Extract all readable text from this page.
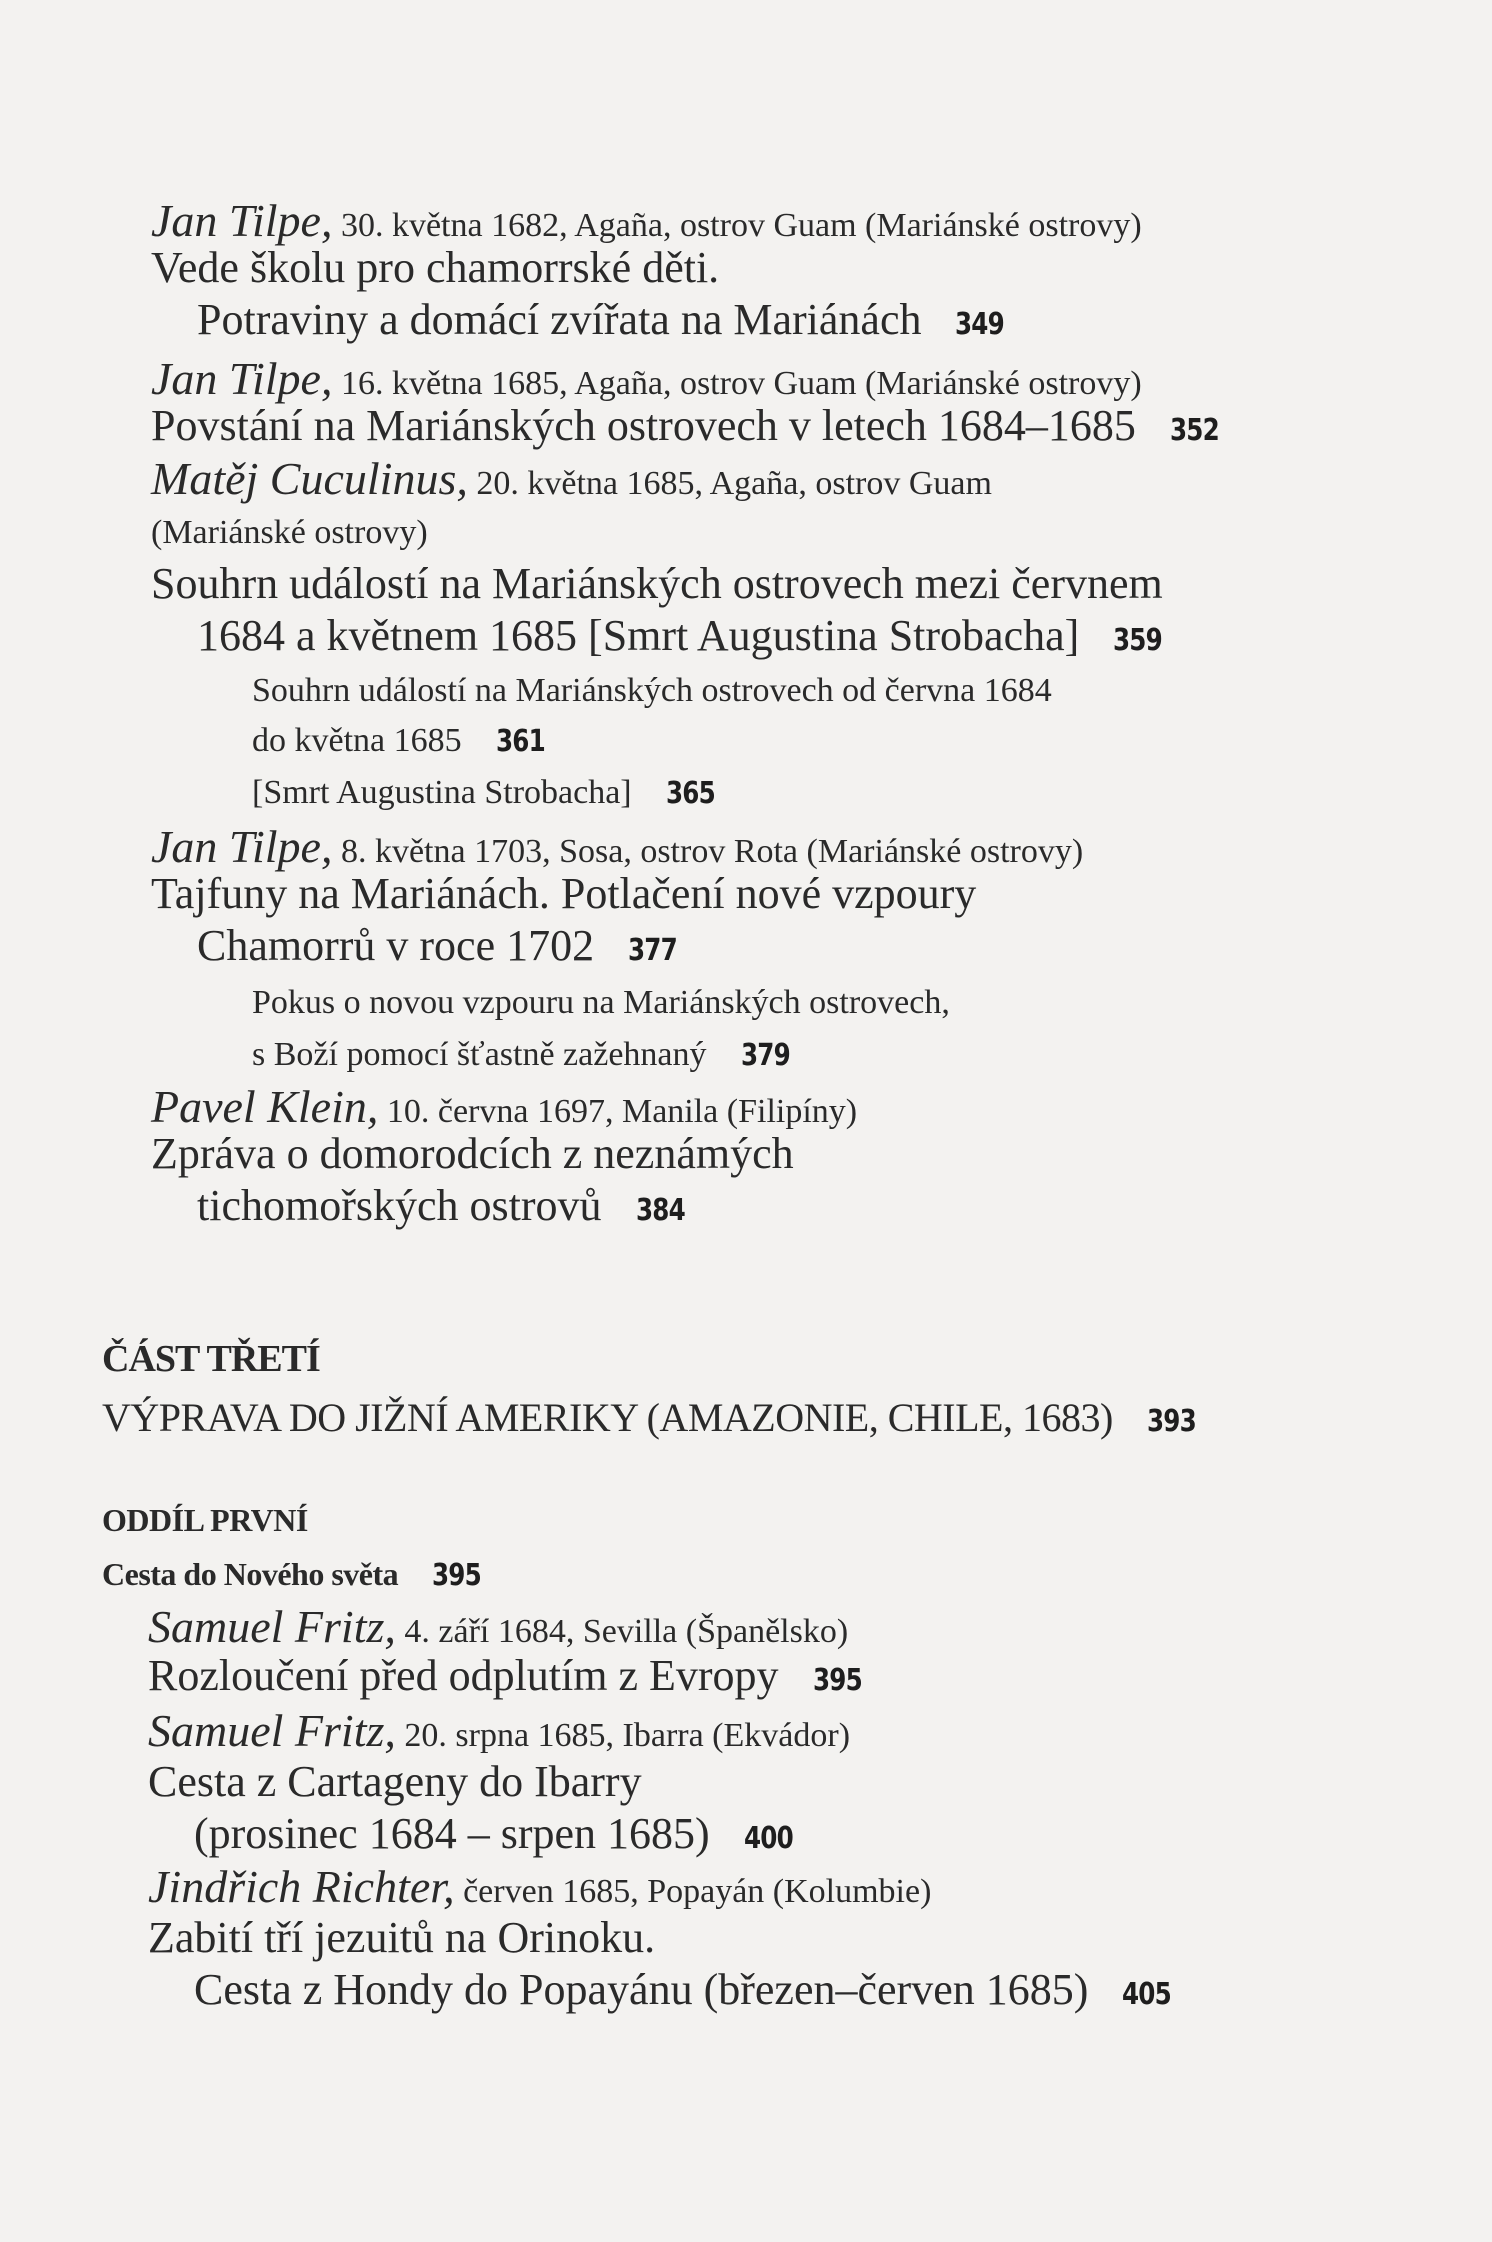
Jan Tilpe, 30. května 1682, Agaña, ostrov Guam (Mariánské ostrovy)
Vede školu pro chamorrské děti.
Potraviny a domácí zvířata na Mariánách 349
Jan Tilpe, 16. května 1685, Agaña, ostrov Guam (Mariánské ostrovy)
Povstání na Mariánských ostrovech v letech 1684–1685 352
Matěj Cuculinus, 20. května 1685, Agaña, ostrov Guam
(Mariánské ostrovy)
Souhrn událostí na Mariánských ostrovech mezi červnem
1684 a květnem 1685 [Smrt Augustina Strobacha] 359
Souhrn událostí na Mariánských ostrovech od června 1684
do května 1685 361
[Smrt Augustina Strobacha] 365
Jan Tilpe, 8. května 1703, Sosa, ostrov Rota (Mariánské ostrovy)
Tajfuny na Mariánách. Potlačení nové vzpoury
Chamorrů v roce 1702 377
Pokus o novou vzpouru na Mariánských ostrovech,
s Boží pomocí šťastně zažehnaný 379
Pavel Klein, 10. června 1697, Manila (Filipíny)
Zpráva o domorodcích z neznámých
tichomořských ostrovů 384
ČÁST TŘETÍ
VÝPRAVA DO JIŽNÍ AMERIKY (AMAZONIE, CHILE, 1683) 393
ODDÍL PRVNÍ
Cesta do Nového světa 395
Samuel Fritz, 4. září 1684, Sevilla (Španělsko)
Rozloučení před odplutím z Evropy 395
Samuel Fritz, 20. srpna 1685, Ibarra (Ekvádor)
Cesta z Cartageny do Ibarry
(prosinec 1684 – srpen 1685) 400
Jindřich Richter, červen 1685, Popayán (Kolumbie)
Zabití tří jezuitů na Orinoku.
Cesta z Hondy do Popayánu (březen–červen 1685) 405
